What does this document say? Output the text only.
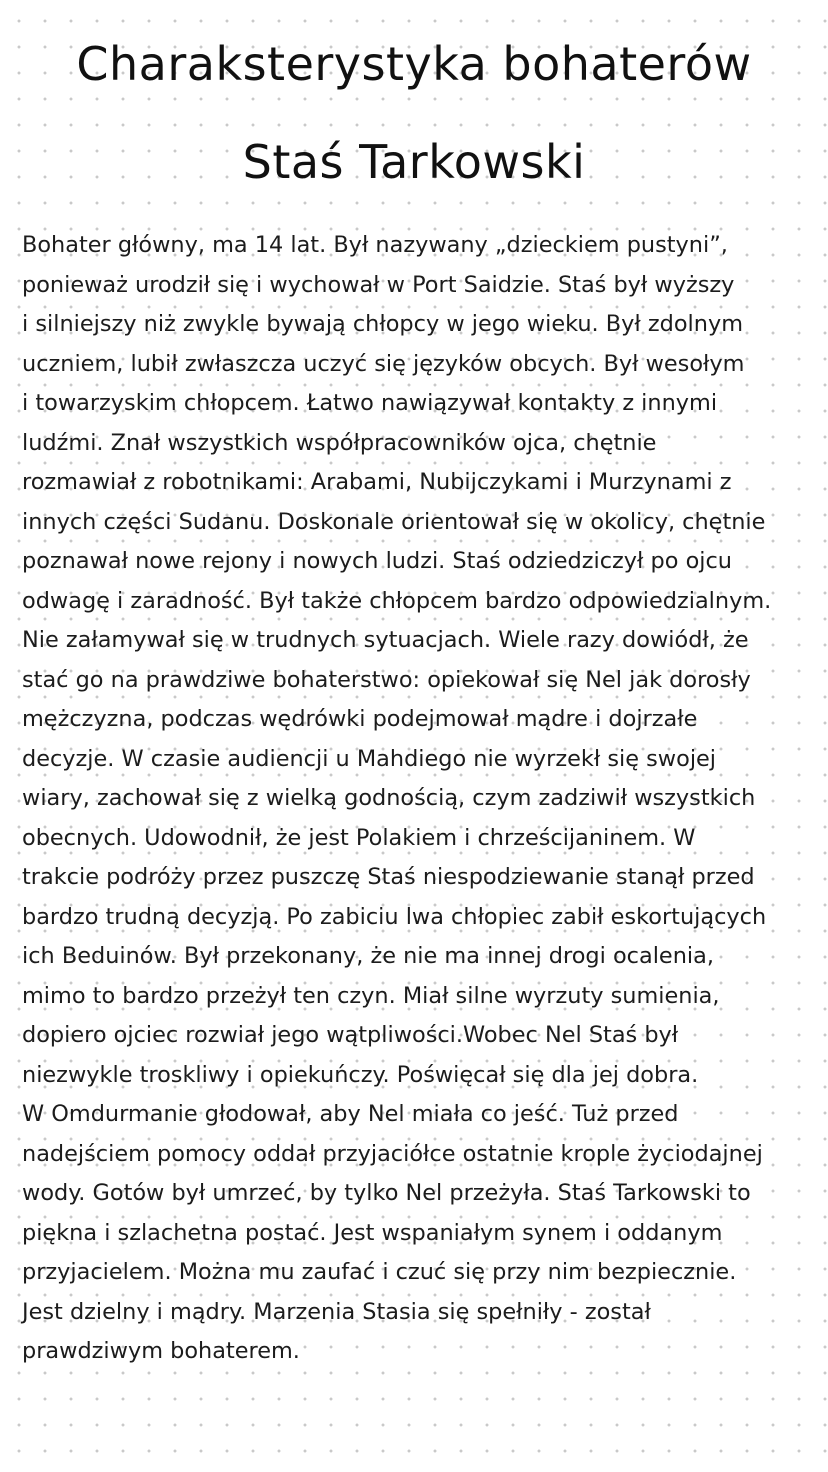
Charaksterystyka bohaterów
Staś Tarkowski
Bohater główny, ma 14 lat. Był nazywany „dzieckiem pustyni”,
ponieważ urodził się i wychował w Port Saidzie. Staś był wyższy
i silniejszy niż zwykle bywają chłopcy w jego wieku. Był zdolnym
uczniem, lubił zwłaszcza uczyć się języków obcych. Był wesołym
i towarzyskim chłopcem. Łatwo nawiązywał kontakty z innymi
ludźmi. Znał wszystkich współpracowników ojca, chętnie
rozmawiał z robotnikami: Arabami, Nubijczykami i Murzynami z
innych części Sudanu. Doskonale orientował się w okolicy, chętnie
poznawał nowe rejony i nowych ludzi. Staś odziedziczył po ojcu
odwagę i zaradność. Był także chłopcem bardzo odpowiedzialnym.
Nie załamywał się w trudnych sytuacjach. Wiele razy dowiódł, że
stać go na prawdziwe bohaterstwo: opiekował się Nel jak dorosły
mężczyzna, podczas wędrówki podejmował mądre i dojrzałe
decyzje. W czasie audiencji u Mahdiego nie wyrzekł się swojej
wiary, zachował się z wielką godnością, czym zadziwił wszystkich
obecnych. Udowodnił, że jest Polakiem i chrześcijaninem. W
trakcie podróży przez puszczę Staś niespodziewanie stanął przed
bardzo trudną decyzją. Po zabiciu lwa chłopiec zabił eskortujących
ich Beduinów. Był przekonany, że nie ma innej drogi ocalenia,
mimo to bardzo przeżył ten czyn. Miał silne wyrzuty sumienia,
dopiero ojciec rozwiał jego wątpliwości.Wobec Nel Staś był
niezwykle troskliwy i opiekuńczy. Poświęcał się dla jej dobra.
W Omdurmanie głodował, aby Nel miała co jeść. Tuż przed
nadejściem pomocy oddał przyjaciółce ostatnie krople życiodajnej
wody. Gotów był umrzeć, by tylko Nel przeżyła. Staś Tarkowski to
piękna i szlachetna postać. Jest wspaniałym synem i oddanym
przyjacielem. Można mu zaufać i czuć się przy nim bezpiecznie.
Jest dzielny i mądry. Marzenia Stasia się spełniły - został
prawdziwym bohaterem.
